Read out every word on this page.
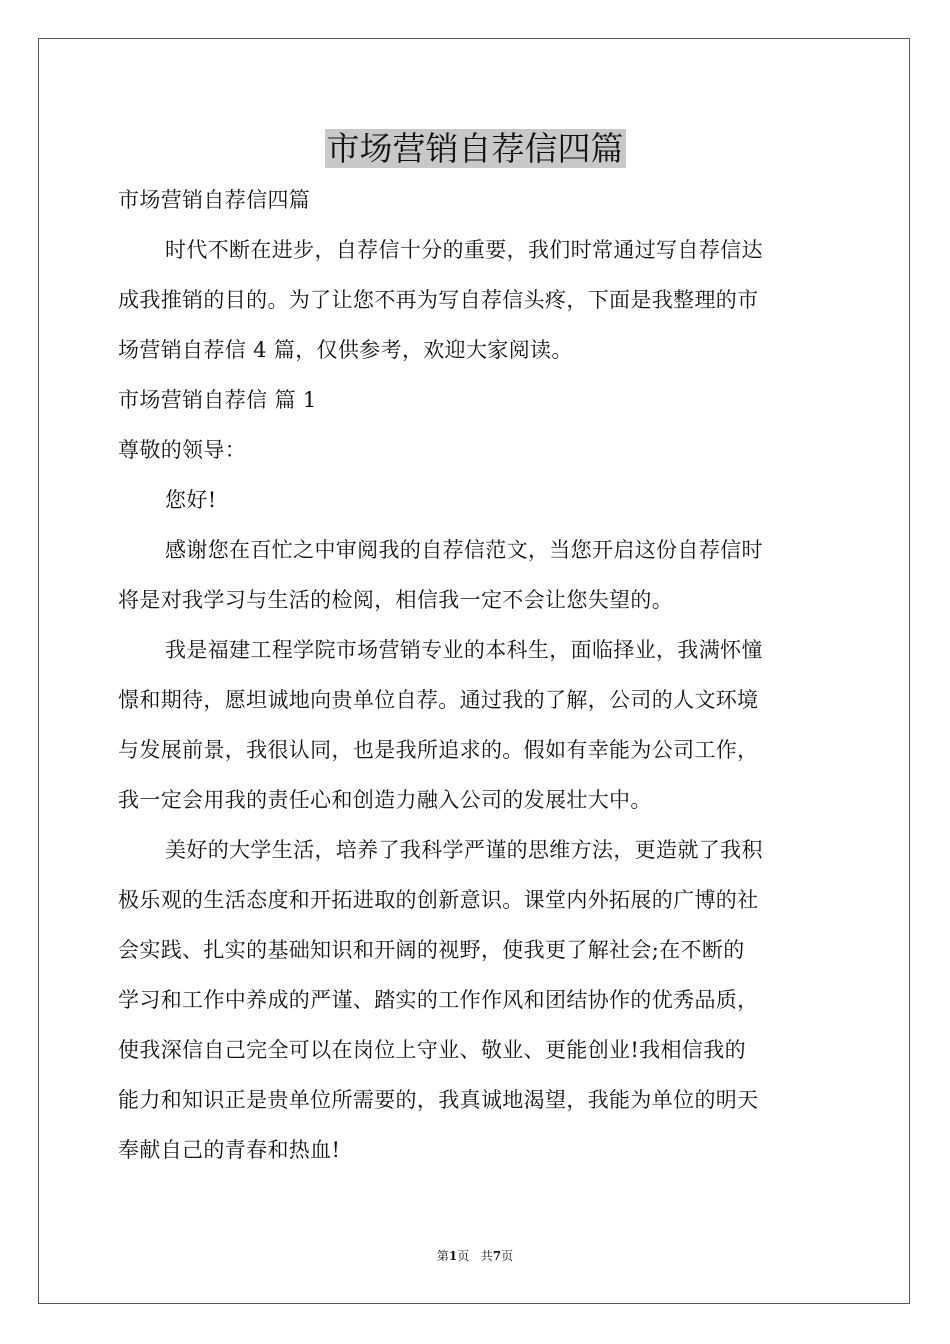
市场营销自荐信四篇
市场营销自荐信四篇
时代不断在进步，自荐信十分的重要，我们时常通过写自荐信达
成我推销的目的。为了让您不再为写自荐信头疼，下面是我整理的市
场营销自荐信 4 篇，仅供参考，欢迎大家阅读。
市场营销自荐信 篇 1
尊敬的领导：
您好!
感谢您在百忙之中审阅我的自荐信范文，当您开启这份自荐信时
将是对我学习与生活的检阅，相信我一定不会让您失望的。
我是福建工程学院市场营销专业的本科生，面临择业，我满怀憧
憬和期待，愿坦诚地向贵单位自荐。通过我的了解，公司的人文环境
与发展前景，我很认同，也是我所追求的。假如有幸能为公司工作，
我一定会用我的责任心和创造力融入公司的发展壮大中。
美好的大学生活，培养了我科学严谨的思维方法，更造就了我积
极乐观的生活态度和开拓进取的创新意识。课堂内外拓展的广博的社
会实践、扎实的基础知识和开阔的视野，使我更了解社会;在不断的
学习和工作中养成的严谨、踏实的工作作风和团结协作的优秀品质，
使我深信自己完全可以在岗位上守业、敬业、更能创业!我相信我的
能力和知识正是贵单位所需要的，我真诚地渴望，我能为单位的明天
奉献自己的青春和热血!
第1页   共7页
